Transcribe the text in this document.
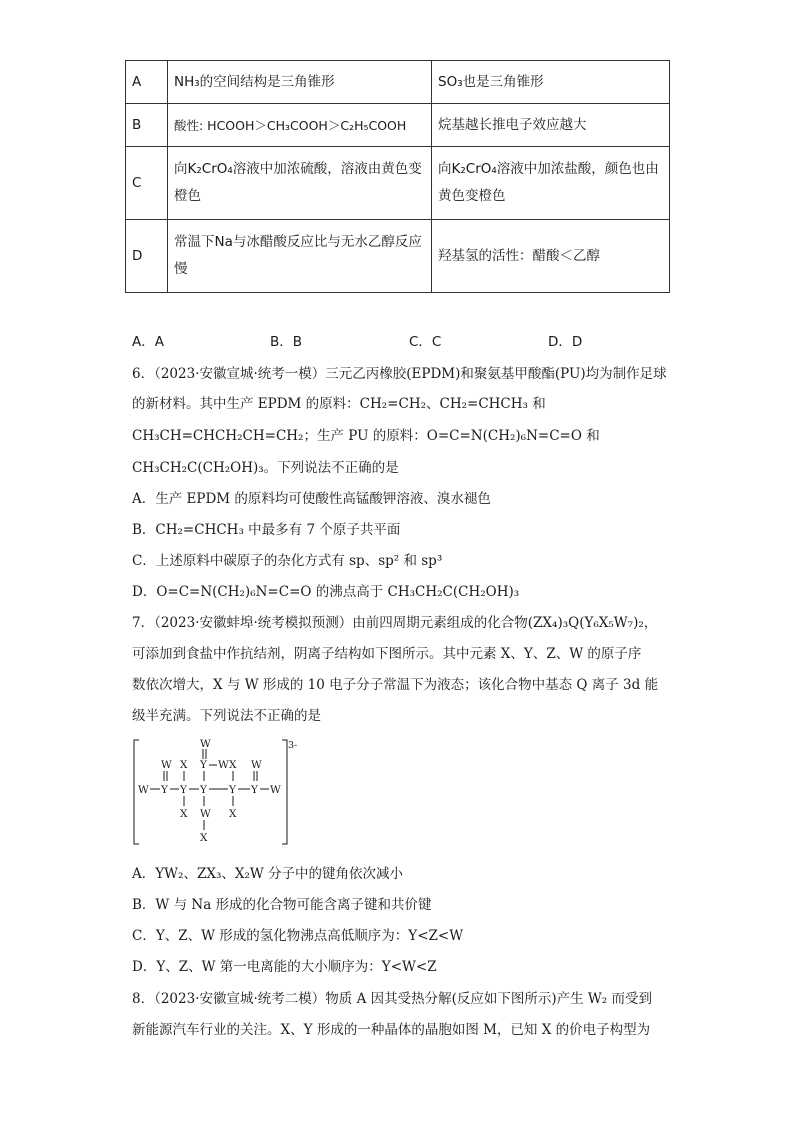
A	NH₃的空间结构是三角锥形	SO₃也是三角锥形
B	酸性: HCOOH＞CH₃COOH＞C₂H₅COOH	烷基越长推电子效应越大
C	向K₂CrO₄溶液中加浓硫酸，溶液由黄色变橙色	向K₂CrO₄溶液中加浓盐酸，颜色也由黄色变橙色
D	常温下Na与冰醋酸反应比与无水乙醇反应慢	羟基氢的活性：醋酸＜乙醇
A．A	B．B	C．C	D．D
6．（2023·安徽宣城·统考一模）三元乙丙橡胶(EPDM)和聚氨基甲酸酯(PU)均为制作足球
的新材料。其中生产 EPDM 的原料：CH₂=CH₂、CH₂=CHCH₃ 和
CH₃CH=CHCH₂CH=CH₂；生产 PU 的原料：O=C=N(CH₂)₆N=C=O 和
CH₃CH₂C(CH₂OH)₃。下列说法不正确的是
A．生产 EPDM 的原料均可使酸性高锰酸钾溶液、溴水褪色
B．CH₂=CHCH₃ 中最多有 7 个原子共平面
C．上述原料中碳原子的杂化方式有 sp、sp² 和 sp³
D．O=C=N(CH₂)₆N=C=O 的沸点高于 CH₃CH₂C(CH₂OH)₃
7．（2023·安徽蚌埠·统考模拟预测）由前四周期元素组成的化合物(ZX₄)₃Q(Y₆X₅W₇)₂，
可添加到食盐中作抗结剂，阴离子结构如下图所示。其中元素 X、Y、Z、W 的原子序
数依次增大，X 与 W 形成的 10 电子分子常温下为液态；该化合物中基态 Q 离子 3d 能
级半充满。下列说法不正确的是
3-
W
W X Y W X W
W Y Y Y Y Y W
X W X
X
Y
A．YW₂、ZX₃、X₂W 分子中的键角依次减小
B．W 与 Na 形成的化合物可能含离子键和共价键
C．Y、Z、W 形成的氢化物沸点高低顺序为：Y<Z<W
D．Y、Z、W 第一电离能的大小顺序为：Y<W<Z
8．（2023·安徽宣城·统考二模）物质 A 因其受热分解(反应如下图所示)产生 W₂ 而受到
新能源汽车行业的关注。X、Y 形成的一种晶体的晶胞如图 M，已知 X 的价电子构型为
